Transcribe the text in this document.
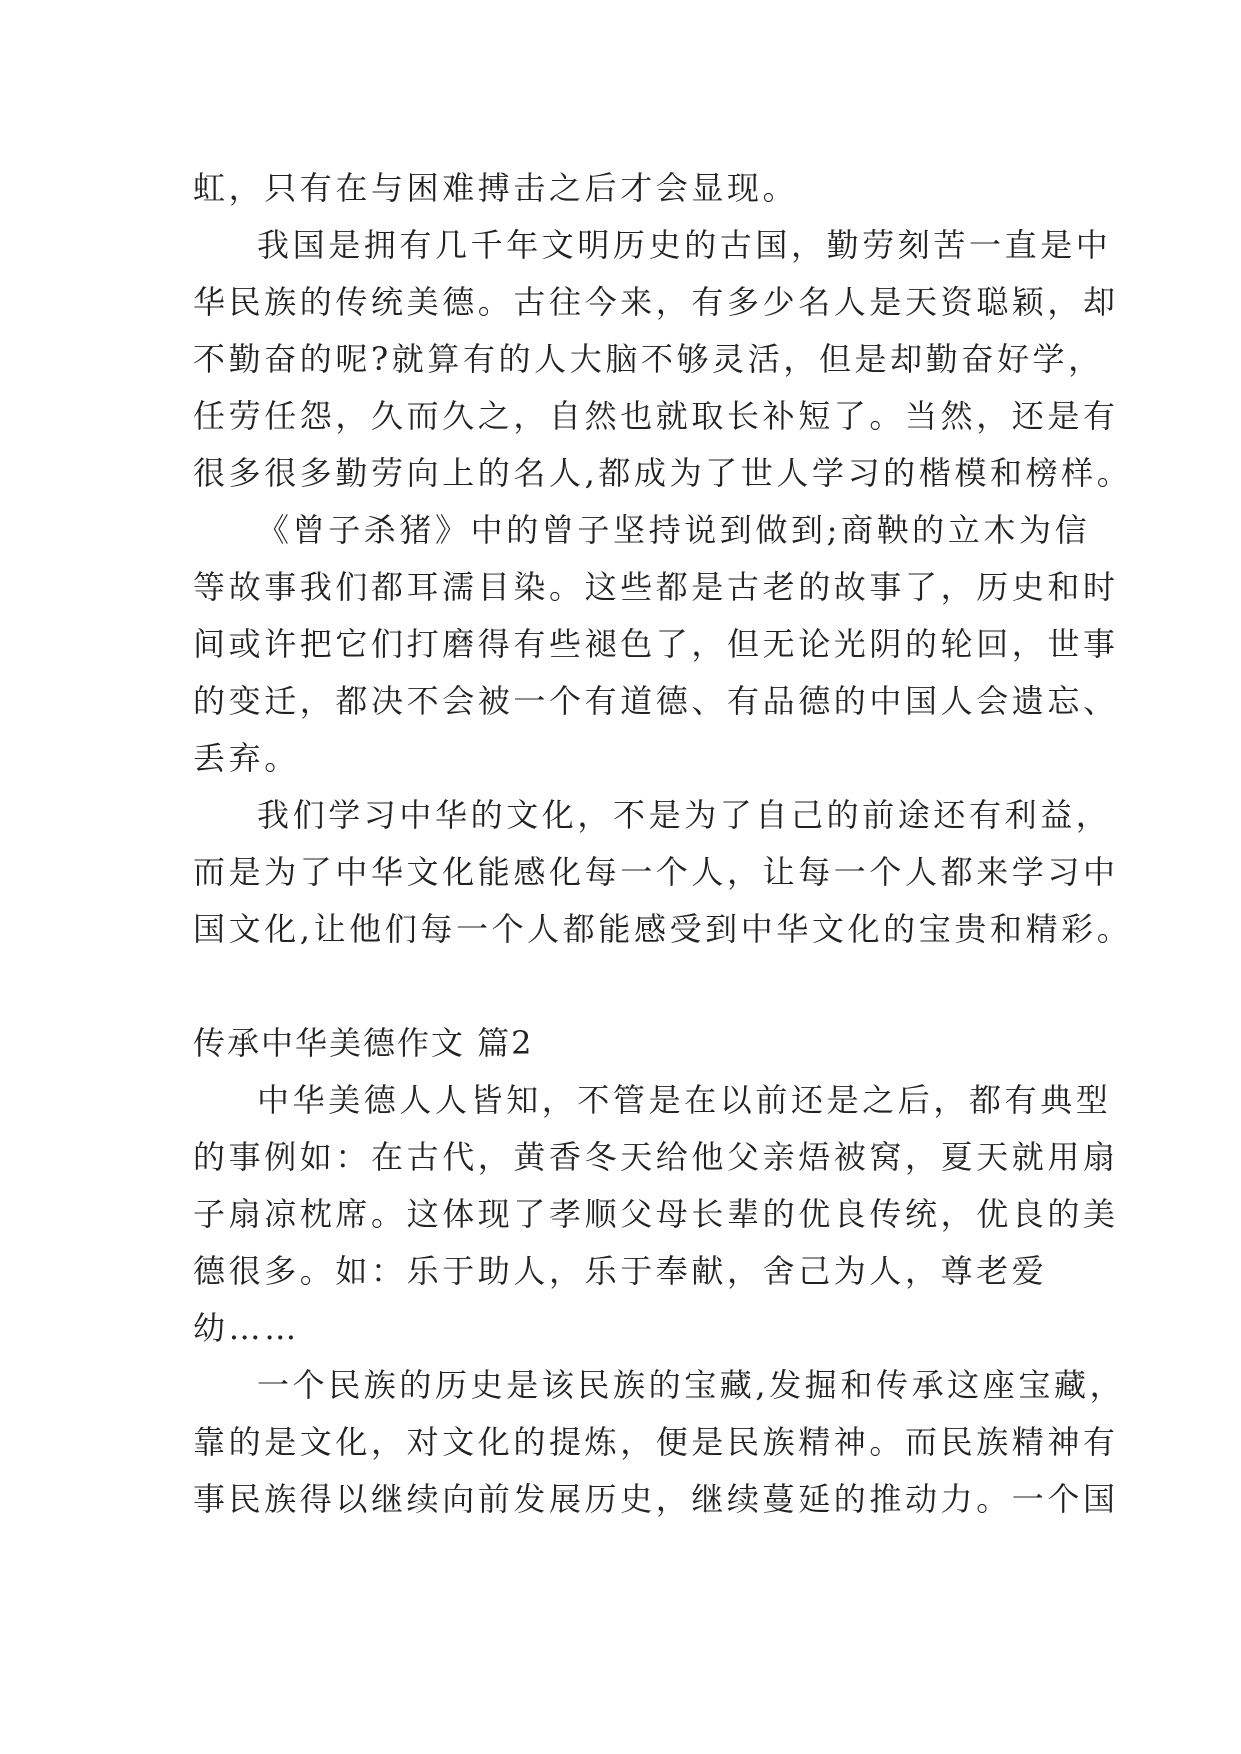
虹，只有在与困难搏击之后才会显现。
我国是拥有几千年文明历史的古国，勤劳刻苦一直是中
华民族的传统美德。古往今来，有多少名人是天资聪颖，却
不勤奋的呢?就算有的人大脑不够灵活，但是却勤奋好学，
任劳任怨，久而久之，自然也就取长补短了。当然，还是有
很多很多勤劳向上的名人,都成为了世人学习的楷模和榜样。
《曾子杀猪》中的曾子坚持说到做到;商鞅的立木为信
等故事我们都耳濡目染。这些都是古老的故事了，历史和时
间或许把它们打磨得有些褪色了，但无论光阴的轮回，世事
的变迁，都决不会被一个有道德、有品德的中国人会遗忘、
丢弃。
我们学习中华的文化，不是为了自己的前途还有利益，
而是为了中华文化能感化每一个人，让每一个人都来学习中
国文化,让他们每一个人都能感受到中华文化的宝贵和精彩。
传承中华美德作文 篇2
中华美德人人皆知，不管是在以前还是之后，都有典型
的事例如：在古代，黄香冬天给他父亲焐被窝，夏天就用扇
子扇凉枕席。这体现了孝顺父母长辈的优良传统，优良的美
德很多。如：乐于助人，乐于奉献，舍己为人，尊老爱
幼……
一个民族的历史是该民族的宝藏,发掘和传承这座宝藏，
靠的是文化，对文化的提炼，便是民族精神。而民族精神有
事民族得以继续向前发展历史，继续蔓延的推动力。一个国
